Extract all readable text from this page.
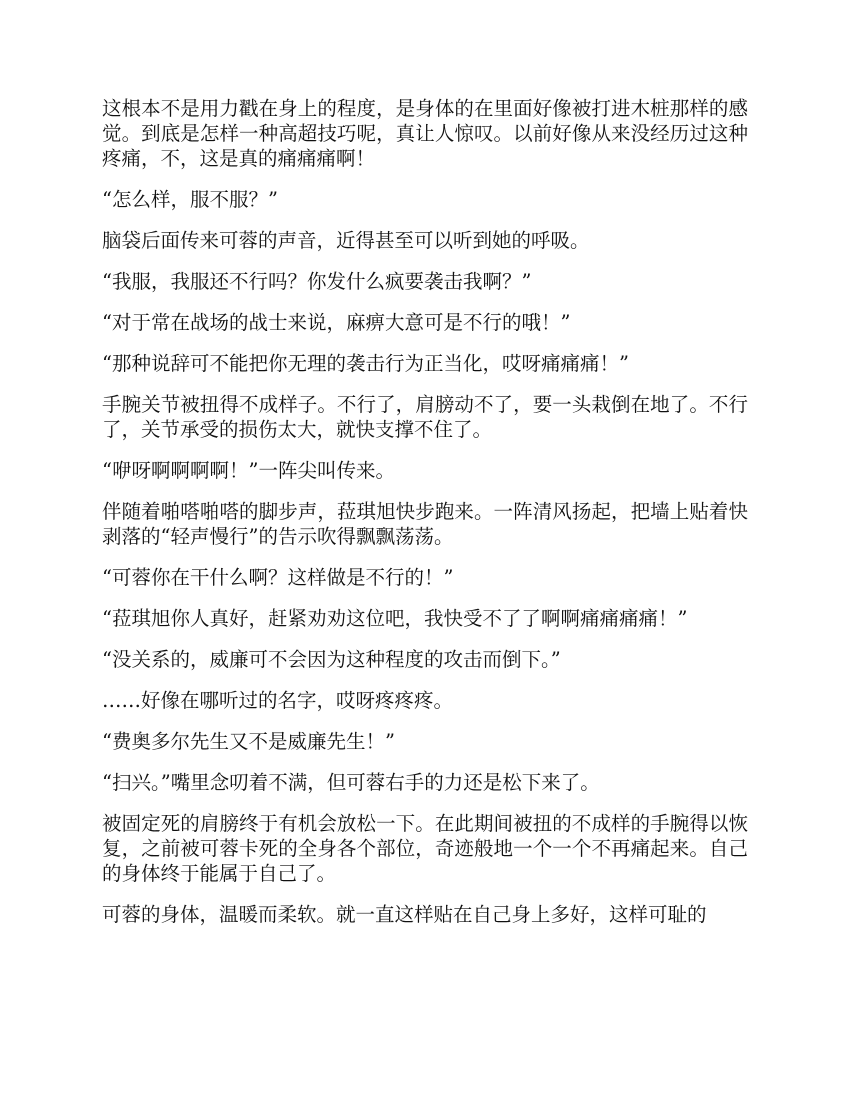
这根本不是用力戳在身上的程度，是身体的在里面好像被打进木桩那样的感觉。到底是怎样一种高超技巧呢，真让人惊叹。以前好像从来没经历过这种疼痛，不，这是真的痛痛痛啊！

“怎么样，服不服？”

脑袋后面传来可蓉的声音，近得甚至可以听到她的呼吸。

“我服，我服还不行吗？你发什么疯要袭击我啊？”

“对于常在战场的战士来说，麻痹大意可是不行的哦！”

“那种说辞可不能把你无理的袭击行为正当化，哎呀痛痛痛！”

手腕关节被扭得不成样子。不行了，肩膀动不了，要一头栽倒在地了。不行了，关节承受的损伤太大，就快支撑不住了。

“咿呀啊啊啊啊！”一阵尖叫传来。

伴随着啪嗒啪嗒的脚步声，菈琪旭快步跑来。一阵清风扬起，把墙上贴着快剥落的“轻声慢行”的告示吹得飘飘荡荡。

“可蓉你在干什么啊？这样做是不行的！”

“菈琪旭你人真好，赶紧劝劝这位吧，我快受不了了啊啊痛痛痛痛！”

“没关系的，威廉可不会因为这种程度的攻击而倒下。”

……好像在哪听过的名字，哎呀疼疼疼。

“费奥多尔先生又不是威廉先生！”

“扫兴。”嘴里念叨着不满，但可蓉右手的力还是松下来了。

被固定死的肩膀终于有机会放松一下。在此期间被扭的不成样的手腕得以恢复，之前被可蓉卡死的全身各个部位，奇迹般地一个一个不再痛起来。自己的身体终于能属于自己了。

可蓉的身体，温暖而柔软。就一直这样贴在自己身上多好，这样可耻的
